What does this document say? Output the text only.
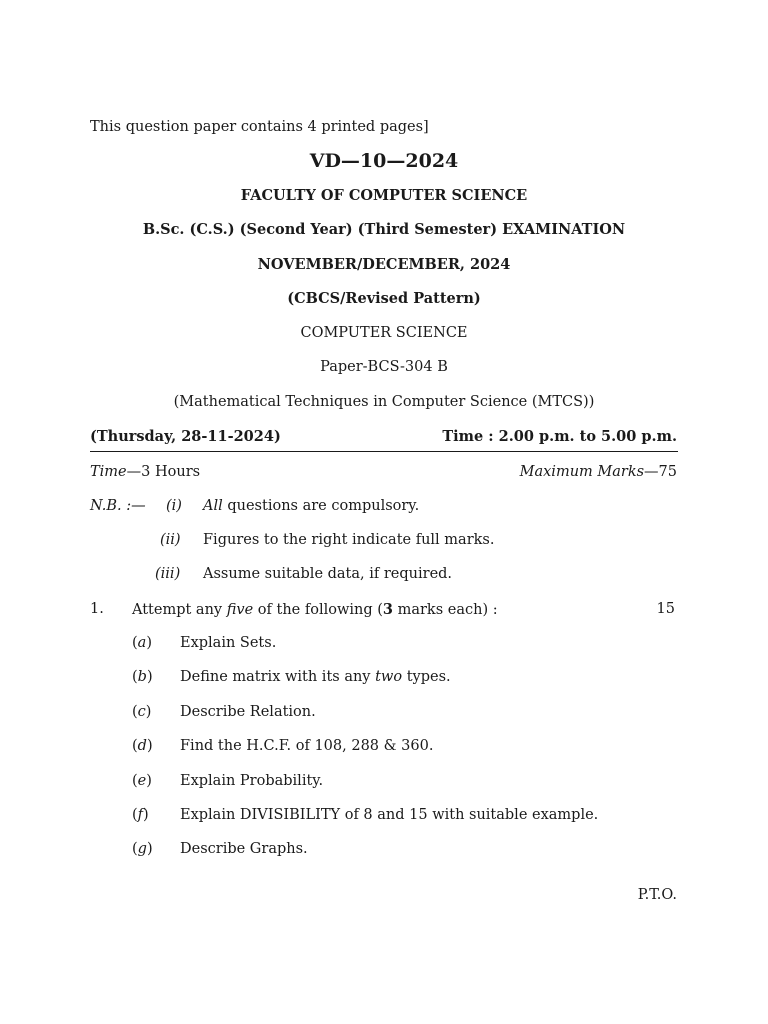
This question paper contains 4 printed pages]
VD—10—2024
FACULTY OF COMPUTER SCIENCE
B.Sc. (C.S.) (Second Year) (Third Semester) EXAMINATION
NOVEMBER/DECEMBER, 2024
(CBCS/Revised Pattern)
COMPUTER SCIENCE
Paper-BCS-304 B
(Mathematical Techniques in Computer Science (MTCS))
(Thursday, 28-11-2024)	Time : 2.00 p.m. to 5.00 p.m.
Time—3 Hours	Maximum Marks—75
N.B. :— (i) All questions are compulsory.
(ii) Figures to the right indicate full marks.
(iii) Assume suitable data, if required.
1. Attempt any five of the following (3 marks each) :	15
(a) Explain Sets.
(b) Define matrix with its any two types.
(c) Describe Relation.
(d) Find the H.C.F. of 108, 288 & 360.
(e) Explain Probability.
(f) Explain DIVISIBILITY of 8 and 15 with suitable example.
(g) Describe Graphs.
P.T.O.
